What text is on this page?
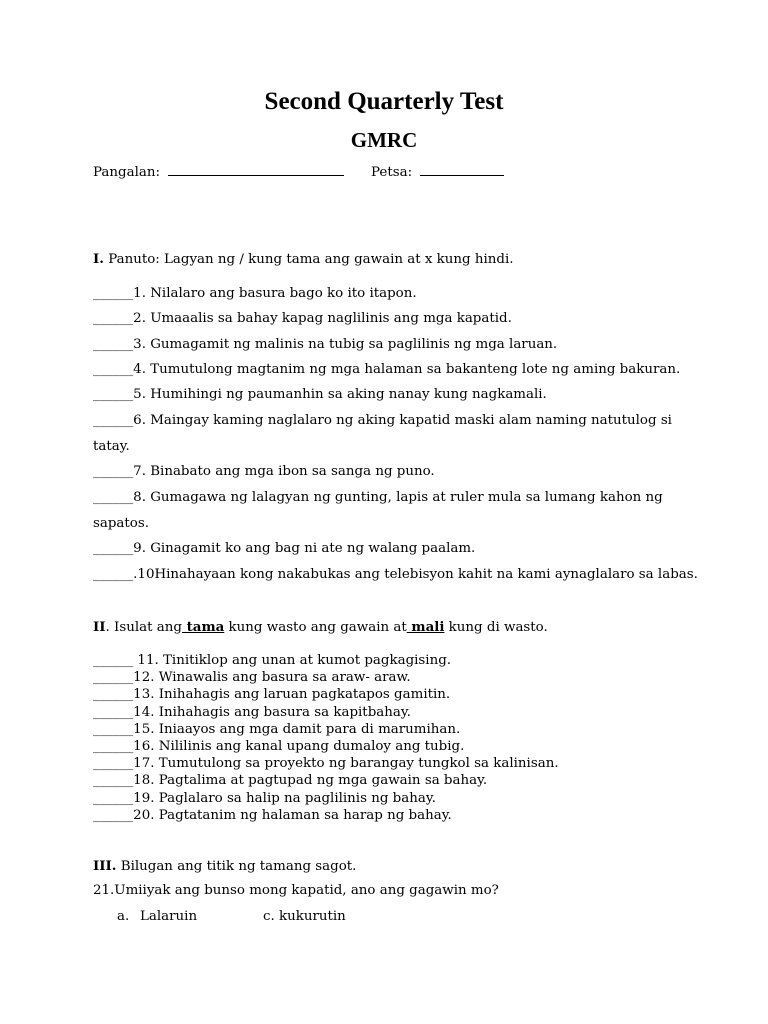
Second Quarterly Test
GMRC
Pangalan:	Petsa:
I. Panuto: Lagyan ng / kung tama ang gawain at x kung hindi.
______1. Nilalaro ang basura bago ko ito itapon.
______2. Umaaalis sa bahay kapag naglilinis ang mga kapatid.
______3. Gumagamit ng malinis na tubig sa paglilinis ng mga laruan.
______4. Tumutulong magtanim ng mga halaman sa bakanteng lote ng aming bakuran.
______5. Humihingi ng paumanhin sa aking nanay kung nagkamali.
______6. Maingay kaming naglalaro ng aking kapatid maski alam naming natutulog si
tatay.
______7. Binabato ang mga ibon sa sanga ng puno.
______8. Gumagawa ng lalagyan ng gunting, lapis at ruler mula sa lumang kahon ng
sapatos.
______9. Ginagamit ko ang bag ni ate ng walang paalam.
______.10Hinahayaan kong nakabukas ang telebisyon kahit na kami aynaglalaro sa labas.
II. Isulat ang tama kung wasto ang gawain at mali kung di wasto.
______ 11. Tinitiklop ang unan at kumot pagkagising.
______12. Winawalis ang basura sa araw- araw.
______13. Inihahagis ang laruan pagkatapos gamitin.
______14. Inihahagis ang basura sa kapitbahay.
______15. Iniaayos ang mga damit para di marumihan.
______16. Nililinis ang kanal upang dumaloy ang tubig.
______17. Tumutulong sa proyekto ng barangay tungkol sa kalinisan.
______18. Pagtalima at pagtupad ng mga gawain sa bahay.
______19. Paglalaro sa halip na paglilinis ng bahay.
______20. Pagtatanim ng halaman sa harap ng bahay.
III. Bilugan ang titik ng tamang sagot.
21.Umiiyak ang bunso mong kapatid, ano ang gagawin mo?
a. Lalaruin	c. kukurutin
